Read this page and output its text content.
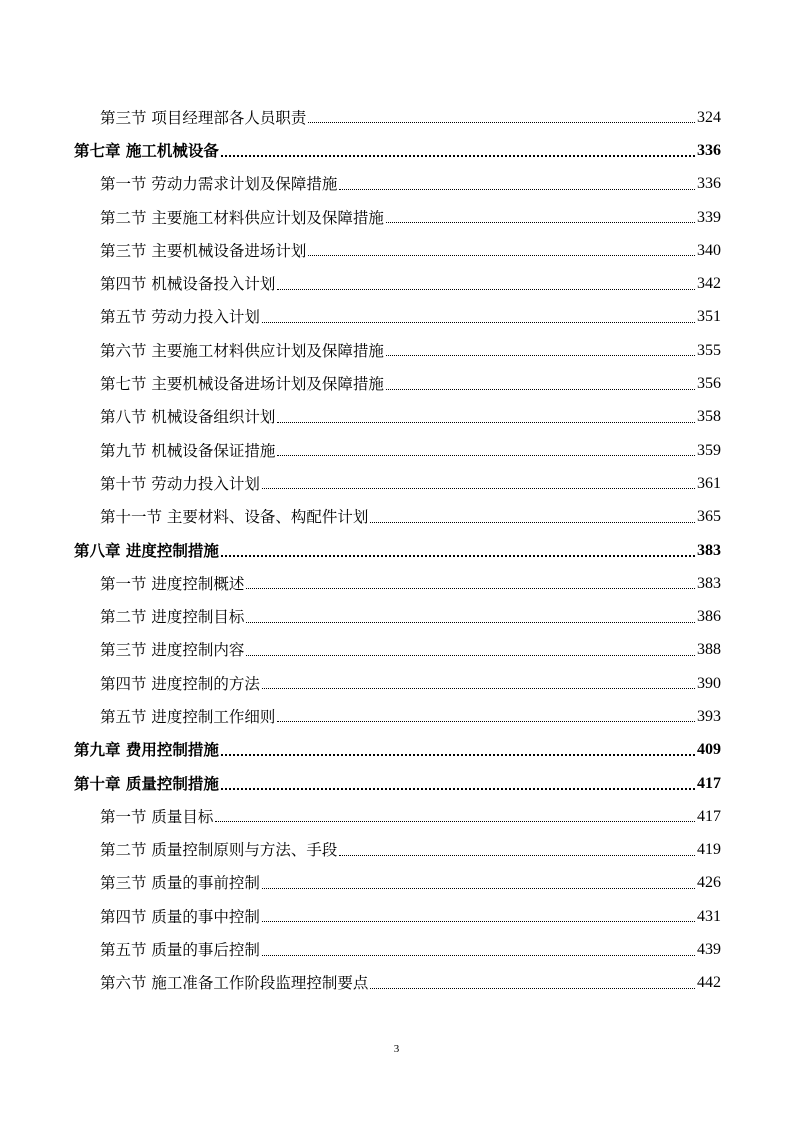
第三节 项目经理部各人员职责	324
第七章 施工机械设备	336
第一节 劳动力需求计划及保障措施	336
第二节 主要施工材料供应计划及保障措施	339
第三节 主要机械设备进场计划	340
第四节 机械设备投入计划	342
第五节 劳动力投入计划	351
第六节 主要施工材料供应计划及保障措施	355
第七节 主要机械设备进场计划及保障措施	356
第八节 机械设备组织计划	358
第九节 机械设备保证措施	359
第十节 劳动力投入计划	361
第十一节 主要材料、设备、构配件计划	365
第八章 进度控制措施	383
第一节 进度控制概述	383
第二节 进度控制目标	386
第三节 进度控制内容	388
第四节 进度控制的方法	390
第五节 进度控制工作细则	393
第九章 费用控制措施	409
第十章 质量控制措施	417
第一节 质量目标	417
第二节 质量控制原则与方法、手段	419
第三节 质量的事前控制	426
第四节 质量的事中控制	431
第五节 质量的事后控制	439
第六节 施工准备工作阶段监理控制要点	442
3
